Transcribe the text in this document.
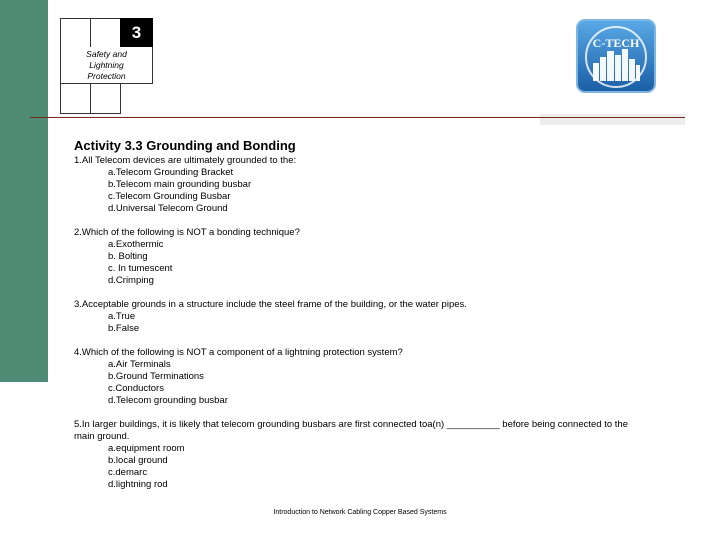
3
Safety and
Lightning
Protection
C-TECH
Activity 3.3 Grounding and Bonding
1.All Telecom devices are ultimately grounded to the:
a.Telecom Grounding Bracket
b.Telecom main grounding busbar
c.Telecom Grounding Busbar
d.Universal Telecom Ground
2.Which of the following is NOT a bonding technique?
a.Exothermic
b. Bolting
c. In tumescent
d.Crimping
3.Acceptable grounds in a structure include the steel frame of the building, or the water pipes.
a.True
b.False
4.Which of the following is NOT a component of a lightning protection system?
a.Air Terminals
b.Ground Terminations
c.Conductors
d.Telecom grounding busbar
5.In larger buildings, it is likely that telecom grounding busbars are first connected toa(n) __________ before being connected to the main ground.
a.equipment room
b.local ground
c.demarc
d.lightning rod
Introduction to Network Cabling Copper Based Systems
